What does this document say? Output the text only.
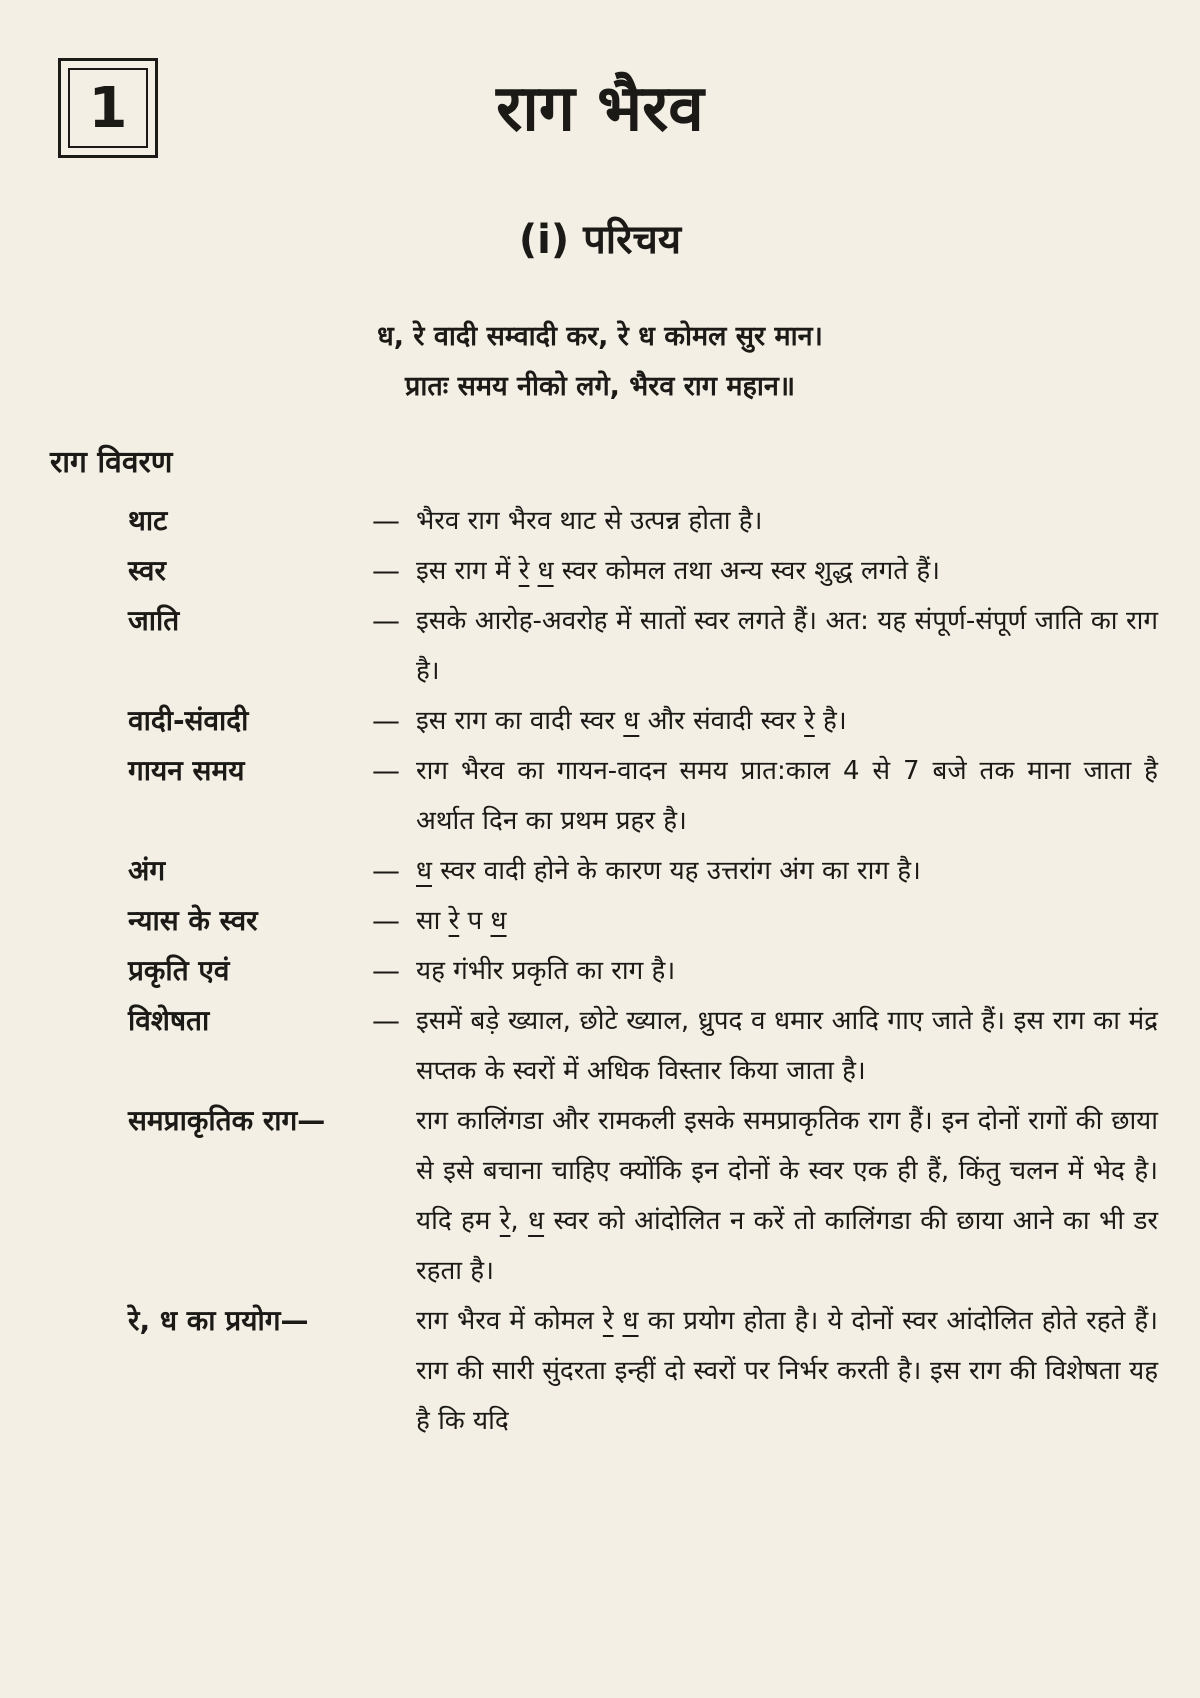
1	राग भैरव
(i) परिचय
ध, रे वादी सम्वादी कर, रे ध कोमल सुर मान।
प्रातः समय नीको लगे, भैरव राग महान॥
राग विवरण
थाट	— भैरव राग भैरव थाट से उत्पन्न होता है।
स्वर	— इस राग में रे ध स्वर कोमल तथा अन्य स्वर शुद्ध लगते हैं।
जाति	— इसके आरोह-अवरोह में सातों स्वर लगते हैं। अत: यह संपूर्ण-संपूर्ण जाति का राग है।
वादी-संवादी	— इस राग का वादी स्वर ध और संवादी स्वर रे है।
गायन समय	— राग भैरव का गायन-वादन समय प्रात:काल 4 से 7 बजे तक माना जाता है अर्थात दिन का प्रथम प्रहर है।
अंग	— ध स्वर वादी होने के कारण यह उत्तरांग अंग का राग है।
न्यास के स्वर	— सा रे प ध
प्रकृति एवं	— यह गंभीर प्रकृति का राग है।
विशेषता	— इसमें बड़े ख्याल, छोटे ख्याल, ध्रुपद व धमार आदि गाए जाते हैं। इस राग का मंद्र सप्तक के स्वरों में अधिक विस्तार किया जाता है।
समप्राकृतिक राग—	राग कालिंगडा और रामकली इसके समप्राकृतिक राग हैं। इन दोनों रागों की छाया से इसे बचाना चाहिए क्योंकि इन दोनों के स्वर एक ही हैं, किंतु चलन में भेद है। यदि हम रे, ध स्वर को आंदोलित न करें तो कालिंगडा की छाया आने का भी डर रहता है।
रे, ध का प्रयोग—	राग भैरव में कोमल रे ध का प्रयोग होता है। ये दोनों स्वर आंदोलित होते रहते हैं। राग की सारी सुंदरता इन्हीं दो स्वरों पर निर्भर करती है। इस राग की विशेषता यह है कि यदि
